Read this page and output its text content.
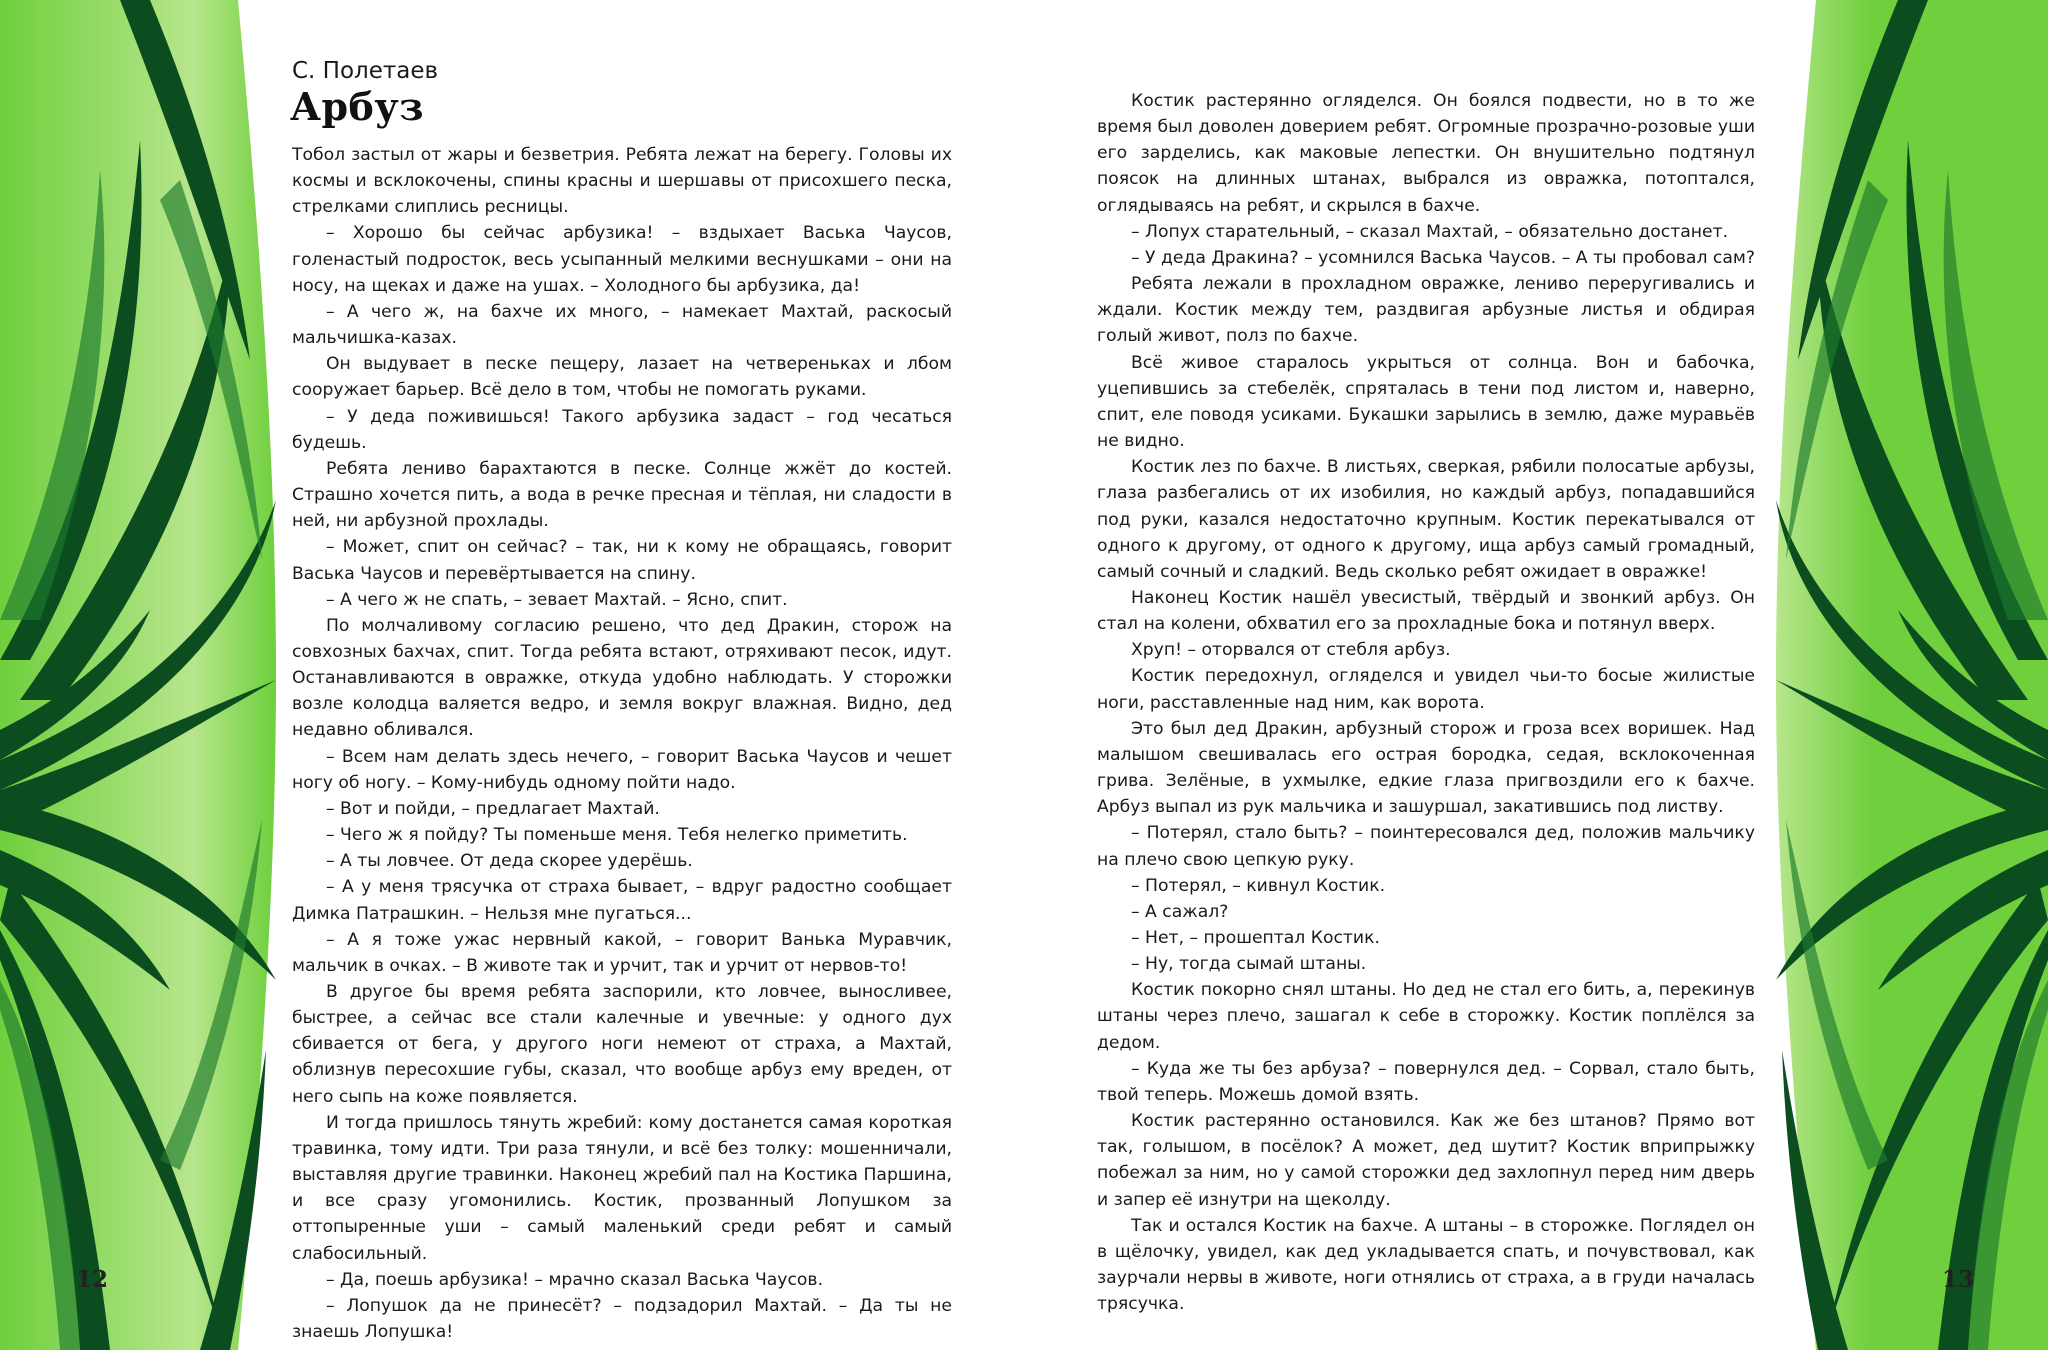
С. Полетаев

Арбуз

Тобол застыл от жары и безветрия. Ребята лежат на берегу. Головы их космы и всклокочены, спины красны и шершавы от присохшего песка, стрелками слиплись ресницы.

– Хорошо бы сейчас арбузика! – вздыхает Васька Чаусов, голенастый подросток, весь усыпанный мелкими веснушками – они на носу, на щеках и даже на ушах. – Холодного бы арбузика, да!

– А чего ж, на бахче их много, – намекает Махтай, раскосый мальчишка-казах.

Он выдувает в песке пещеру, лазает на четвереньках и лбом сооружает барьер. Всё дело в том, чтобы не помогать руками.

– У деда поживишься! Такого арбузика задаст – год чесаться будешь.

Ребята лениво барахтаются в песке. Солнце жжёт до костей. Страшно хочется пить, а вода в речке пресная и тёплая, ни сладости в ней, ни арбузной прохлады.

– Может, спит он сейчас? – так, ни к кому не обращаясь, говорит Васька Чаусов и перевёртывается на спину.

– А чего ж не спать, – зевает Махтай. – Ясно, спит.

По молчаливому согласию решено, что дед Дракин, сторож на совхозных бахчах, спит. Тогда ребята встают, отряхивают песок, идут. Останавливаются в овражке, откуда удобно наблюдать. У сторожки возле колодца валяется ведро, и земля вокруг влажная. Видно, дед недавно обливался.

– Всем нам делать здесь нечего, – говорит Васька Чаусов и чешет ногу об ногу. – Кому-нибудь одному пойти надо.

– Вот и пойди, – предлагает Махтай.

– Чего ж я пойду? Ты поменьше меня. Тебя нелегко приметить.

– А ты ловчее. От деда скорее удерёшь.

– А у меня трясучка от страха бывает, – вдруг радостно сообщает Димка Патрашкин. – Нельзя мне пугаться...

– А я тоже ужас нервный какой, – говорит Ванька Муравчик, мальчик в очках. – В животе так и урчит, так и урчит от нервов-то!

В другое бы время ребята заспорили, кто ловчее, выносливее, быстрее, а сейчас все стали калечные и увечные: у одного дух сбивается от бега, у другого ноги немеют от страха, а Махтай, облизнув пересохшие губы, сказал, что вообще арбуз ему вреден, от него сыпь на коже появляется.

И тогда пришлось тянуть жребий: кому достанется самая короткая травинка, тому идти. Три раза тянули, и всё без толку: мошенничали, выставляя другие травинки. Наконец жребий пал на Костика Паршина, и все сразу угомонились. Костик, прозванный Лопушком за оттопыренные уши – самый маленький среди ребят и самый слабосильный.

– Да, поешь арбузика! – мрачно сказал Васька Чаусов.

– Лопушок да не принесёт? – подзадорил Махтай. – Да ты не знаешь Лопушка!

Костик растерянно огляделся. Он боялся подвести, но в то же время был доволен доверием ребят. Огромные прозрачно-розовые уши его зарделись, как маковые лепестки. Он внушительно подтянул поясок на длинных штанах, выбрался из овражка, потоптался, оглядываясь на ребят, и скрылся в бахче.

– Лопух старательный, – сказал Махтай, – обязательно достанет.

– У деда Дракина? – усомнился Васька Чаусов. – А ты пробовал сам?

Ребята лежали в прохладном овражке, лениво переругивались и ждали. Костик между тем, раздвигая арбузные листья и обдирая голый живот, полз по бахче.

Всё живое старалось укрыться от солнца. Вон и бабочка, уцепившись за стебелёк, спряталась в тени под листом и, наверно, спит, еле поводя усиками. Букашки зарылись в землю, даже муравьёв не видно.

Костик лез по бахче. В листьях, сверкая, рябили полосатые арбузы, глаза разбегались от их изобилия, но каждый арбуз, попадавшийся под руки, казался недостаточно крупным. Костик перекатывался от одного к другому, от одного к другому, ища арбуз самый громадный, самый сочный и сладкий. Ведь сколько ребят ожидает в овражке!

Наконец Костик нашёл увесистый, твёрдый и звонкий арбуз. Он стал на колени, обхватил его за прохладные бока и потянул вверх.

Хруп! – оторвался от стебля арбуз.

Костик передохнул, огляделся и увидел чьи-то босые жилистые ноги, расставленные над ним, как ворота.

Это был дед Дракин, арбузный сторож и гроза всех воришек. Над малышом свешивалась его острая бородка, седая, всклокоченная грива. Зелёные, в ухмылке, едкие глаза пригвоздили его к бахче. Арбуз выпал из рук мальчика и зашуршал, закатившись под листву.

– Потерял, стало быть? – поинтересовался дед, положив мальчику на плечо свою цепкую руку.

– Потерял, – кивнул Костик.

– А сажал?

– Нет, – прошептал Костик.

– Ну, тогда сымай штаны.

Костик покорно снял штаны. Но дед не стал его бить, а, перекинув штаны через плечо, зашагал к себе в сторожку. Костик поплёлся за дедом.

– Куда же ты без арбуза? – повернулся дед. – Сорвал, стало быть, твой теперь. Можешь домой взять.

Костик растерянно остановился. Как же без штанов? Прямо вот так, голышом, в посёлок? А может, дед шутит? Костик вприпрыжку побежал за ним, но у самой сторожки дед захлопнул перед ним дверь и запер её изнутри на щеколду.

Так и остался Костик на бахче. А штаны – в сторожке. Поглядел он в щёлочку, увидел, как дед укладывается спать, и почувствовал, как заурчали нервы в животе, ноги отнялись от страха, а в груди началась трясучка.

12	13
